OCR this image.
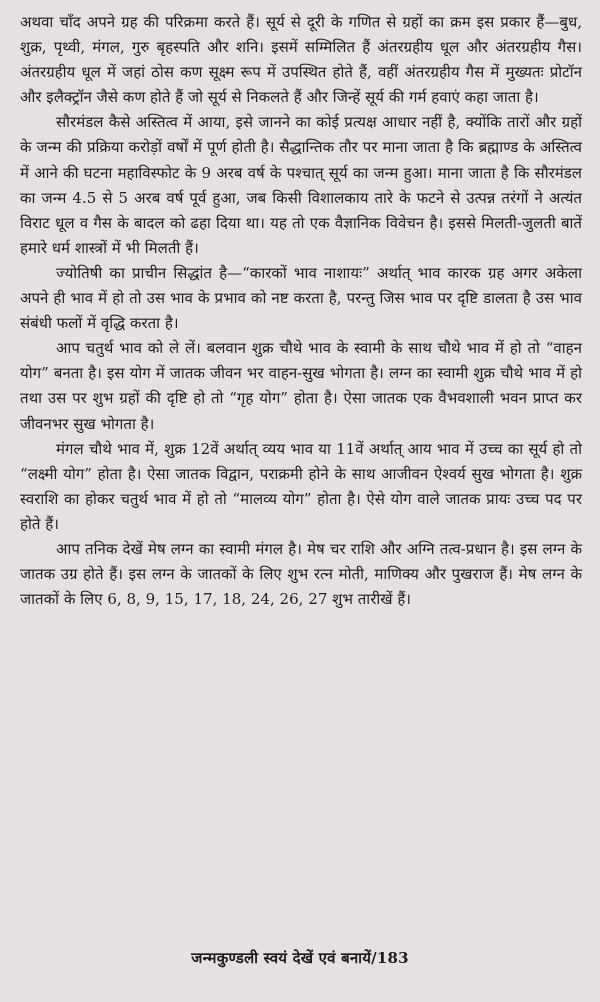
अथवा चाँद अपने ग्रह की परिक्रमा करते हैं। सूर्य से दूरी के गणित से ग्रहों का क्रम इस प्रकार हैं—बुध, शुक्र, पृथ्वी, मंगल, गुरु बृहस्पति और शनि। इसमें सम्मिलित हैं अंतरग्रहीय धूल और अंतरग्रहीय गैस। अंतरग्रहीय धूल में जहां ठोस कण सूक्ष्म रूप में उपस्थित होते हैं, वहीं अंतरग्रहीय गैस में मुख्यतः प्रोटॉन और इलैक्ट्रॉन जैसे कण होते हैं जो सूर्य से निकलते हैं और जिन्हें सूर्य की गर्म हवाएं कहा जाता है।

सौरमंडल कैसे अस्तित्व में आया, इसे जानने का कोई प्रत्यक्ष आधार नहीं है, क्योंकि तारों और ग्रहों के जन्म की प्रक्रिया करोड़ों वर्षों में पूर्ण होती है। सैद्धान्तिक तौर पर माना जाता है कि ब्रह्माण्ड के अस्तित्व में आने की घटना महाविस्फोट के 9 अरब वर्ष के पश्चात् सूर्य का जन्म हुआ। माना जाता है कि सौरमंडल का जन्म 4.5 से 5 अरब वर्ष पूर्व हुआ, जब किसी विशालकाय तारे के फटने से उत्पन्न तरंगों ने अत्यंत विराट धूल व गैस के बादल को ढहा दिया था। यह तो एक वैज्ञानिक विवेचन है। इससे मिलती-जुलती बातें हमारे धर्म शास्त्रों में भी मिलती हैं।

ज्योतिषी का प्राचीन सिद्धांत है—“कारकों भाव नाशायः” अर्थात् भाव कारक ग्रह अगर अकेला अपने ही भाव में हो तो उस भाव के प्रभाव को नष्ट करता है, परन्तु जिस भाव पर दृष्टि डालता है उस भाव संबंधी फलों में वृद्धि करता है।

आप चतुर्थ भाव को ले लें। बलवान शुक्र चौथे भाव के स्वामी के साथ चौथे भाव में हो तो “वाहन योग” बनता है। इस योग में जातक जीवन भर वाहन-सुख भोगता है। लग्न का स्वामी शुक्र चौथे भाव में हो तथा उस पर शुभ ग्रहों की दृष्टि हो तो “गृह योग” होता है। ऐसा जातक एक वैभवशाली भवन प्राप्त कर जीवनभर सुख भोगता है।

मंगल चौथे भाव में, शुक्र 12वें अर्थात् व्यय भाव या 11वें अर्थात् आय भाव में उच्च का सूर्य हो तो “लक्ष्मी योग” होता है। ऐसा जातक विद्वान, पराक्रमी होने के साथ आजीवन ऐश्वर्य सुख भोगता है। शुक्र स्वराशि का होकर चतुर्थ भाव में हो तो “मालव्य योग” होता है। ऐसे योग वाले जातक प्रायः उच्च पद पर होते हैं।

आप तनिक देखें मेष लग्न का स्वामी मंगल है। मेष चर राशि और अग्नि तत्व-प्रधान है। इस लग्न के जातक उग्र होते हैं। इस लग्न के जातकों के लिए शुभ रत्न मोती, माणिक्य और पुखराज हैं। मेष लग्न के जातकों के लिए 6, 8, 9, 15, 17, 18, 24, 26, 27 शुभ तारीखें हैं।

जन्मकुण्डली स्वयं देखें एवं बनायें/183
